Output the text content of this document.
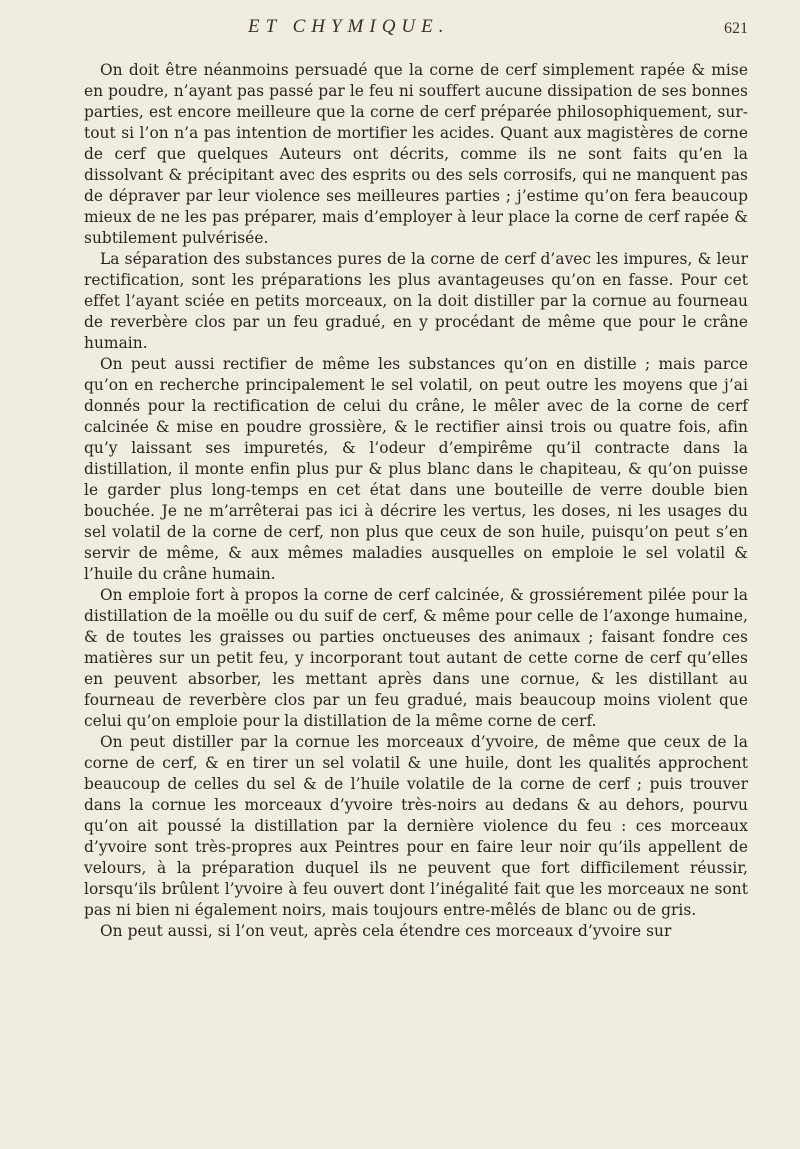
ET CHYMIQUE.	621

On doit être néanmoins persuadé que la corne de cerf simplement rapée & mise en poudre, n’ayant pas passé par le feu ni souffert aucune dissipation de ses bonnes parties, est encore meilleure que la corne de cerf préparée philosophiquement, sur-tout si l’on n’a pas intention de mortifier les acides. Quant aux magistères de corne de cerf que quelques Auteurs ont décrits, comme ils ne sont faits qu’en la dissolvant & précipitant avec des esprits ou des sels corrosifs, qui ne manquent pas de dépraver par leur violence ses meilleures parties ; j’estime qu’on fera beaucoup mieux de ne les pas préparer, mais d’employer à leur place la corne de cerf rapée & subtilement pulvérisée.

La séparation des substances pures de la corne de cerf d’avec les impures, & leur rectification, sont les préparations les plus avantageuses qu’on en fasse. Pour cet effet l’ayant sciée en petits morceaux, on la doit distiller par la cornue au fourneau de reverbère clos par un feu gradué, en y procédant de même que pour le crâne humain.

On peut aussi rectifier de même les substances qu’on en distille ; mais parce qu’on en recherche principalement le sel volatil, on peut outre les moyens que j’ai donnés pour la rectification de celui du crâne, le mêler avec de la corne de cerf calcinée & mise en poudre grossière, & le rectifier ainsi trois ou quatre fois, afin qu’y laissant ses impuretés, & l’odeur d’empirême qu’il contracte dans la distillation, il monte enfin plus pur & plus blanc dans le chapiteau, & qu’on puisse le garder plus long-temps en cet état dans une bouteille de verre double bien bouchée. Je ne m’arrêterai pas ici à décrire les vertus, les doses, ni les usages du sel volatil de la corne de cerf, non plus que ceux de son huile, puisqu’on peut s’en servir de même, & aux mêmes maladies ausquelles on emploie le sel volatil & l’huile du crâne humain.

On emploie fort à propos la corne de cerf calcinée, & grossiérement pilée pour la distillation de la moëlle ou du suif de cerf, & même pour celle de l’axonge humaine, & de toutes les graisses ou parties onctueuses des animaux ; faisant fondre ces matières sur un petit feu, y incorporant tout autant de cette corne de cerf qu’elles en peuvent absorber, les mettant après dans une cornue, & les distillant au fourneau de reverbère clos par un feu gradué, mais beaucoup moins violent que celui qu’on emploie pour la distillation de la même corne de cerf.

On peut distiller par la cornue les morceaux d’yvoire, de même que ceux de la corne de cerf, & en tirer un sel volatil & une huile, dont les qualités approchent beaucoup de celles du sel & de l’huile volatile de la corne de cerf ; puis trouver dans la cornue les morceaux d’yvoire très-noirs au dedans & au dehors, pourvu qu’on ait poussé la distillation par la dernière violence du feu : ces morceaux d’yvoire sont très-propres aux Peintres pour en faire leur noir qu’ils appellent de velours, à la préparation duquel ils ne peuvent que fort difficilement réussir, lorsqu’ils brûlent l’yvoire à feu ouvert dont l’inégalité fait que les morceaux ne sont pas ni bien ni également noirs, mais toujours entre-mêlés de blanc ou de gris.

On peut aussi, si l’on veut, après cela étendre ces morceaux d’yvoire sur
